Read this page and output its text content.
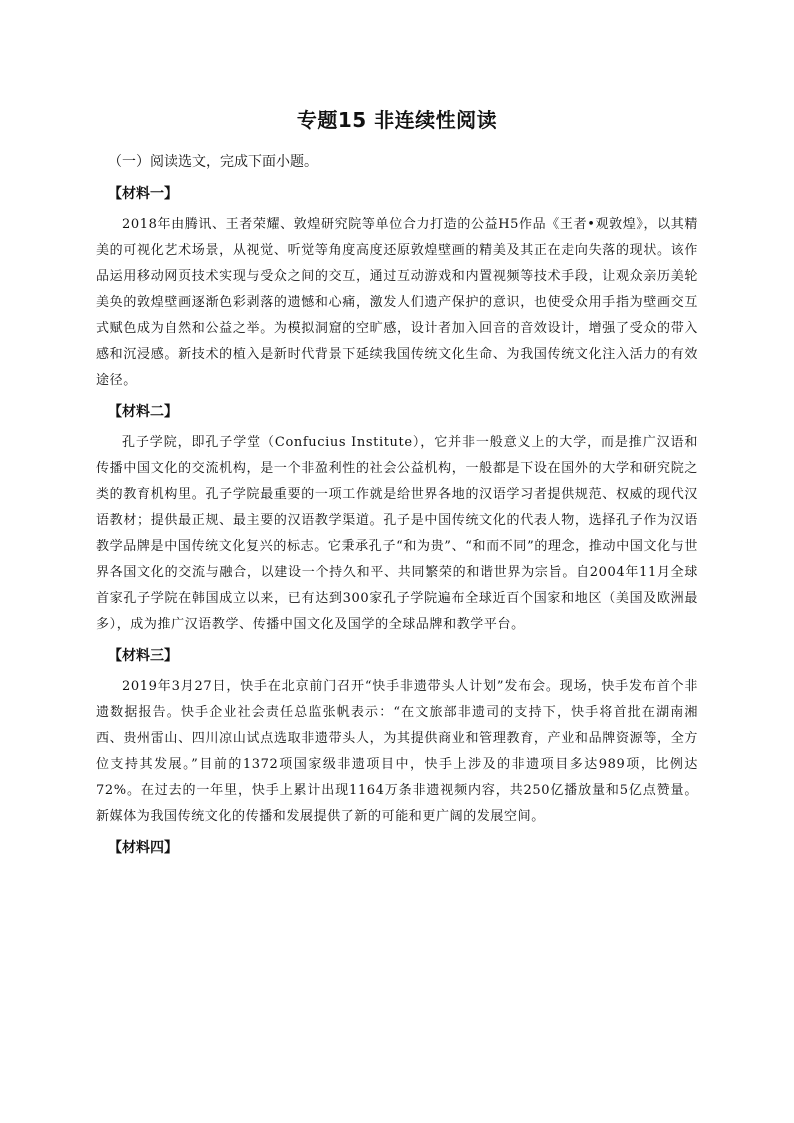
专题15 非连续性阅读

（一）阅读选文，完成下面小题。

【材料一】

2018年由腾讯、王者荣耀、敦煌研究院等单位合力打造的公益H5作品《王者•观敦煌》，以其精美的可视化艺术场景，从视觉、听觉等角度高度还原敦煌壁画的精美及其正在走向失落的现状。该作品运用移动网页技术实现与受众之间的交互，通过互动游戏和内置视频等技术手段，让观众亲历美轮美奂的敦煌壁画逐渐色彩剥落的遗憾和心痛，激发人们遗产保护的意识，也使受众用手指为壁画交互式赋色成为自然和公益之举。为模拟洞窟的空旷感，设计者加入回音的音效设计，增强了受众的带入感和沉浸感。新技术的植入是新时代背景下延续我国传统文化生命、为我国传统文化注入活力的有效途径。

【材料二】

孔子学院，即孔子学堂（Confucius Institute），它并非一般意义上的大学，而是推广汉语和传播中国文化的交流机构，是一个非盈利性的社会公益机构，一般都是下设在国外的大学和研究院之类的教育机构里。孔子学院最重要的一项工作就是给世界各地的汉语学习者提供规范、权威的现代汉语教材；提供最正规、最主要的汉语教学渠道。孔子是中国传统文化的代表人物，选择孔子作为汉语教学品牌是中国传统文化复兴的标志。它秉承孔子“和为贵”、“和而不同”的理念，推动中国文化与世界各国文化的交流与融合，以建设一个持久和平、共同繁荣的和谐世界为宗旨。自2004年11月全球首家孔子学院在韩国成立以来，已有达到300家孔子学院遍布全球近百个国家和地区（美国及欧洲最多），成为推广汉语教学、传播中国文化及国学的全球品牌和教学平台。

【材料三】

2019年3月27日，快手在北京前门召开“快手非遗带头人计划”发布会。现场，快手发布首个非遗数据报告。快手企业社会责任总监张帆表示：“在文旅部非遗司的支持下，快手将首批在湖南湘西、贵州雷山、四川凉山试点选取非遗带头人，为其提供商业和管理教育，产业和品牌资源等，全方位支持其发展。”目前的1372项国家级非遗项目中，快手上涉及的非遗项目多达989项，比例达72%。在过去的一年里，快手上累计出现1164万条非遗视频内容，共250亿播放量和5亿点赞量。新媒体为我国传统文化的传播和发展提供了新的可能和更广阔的发展空间。

【材料四】
